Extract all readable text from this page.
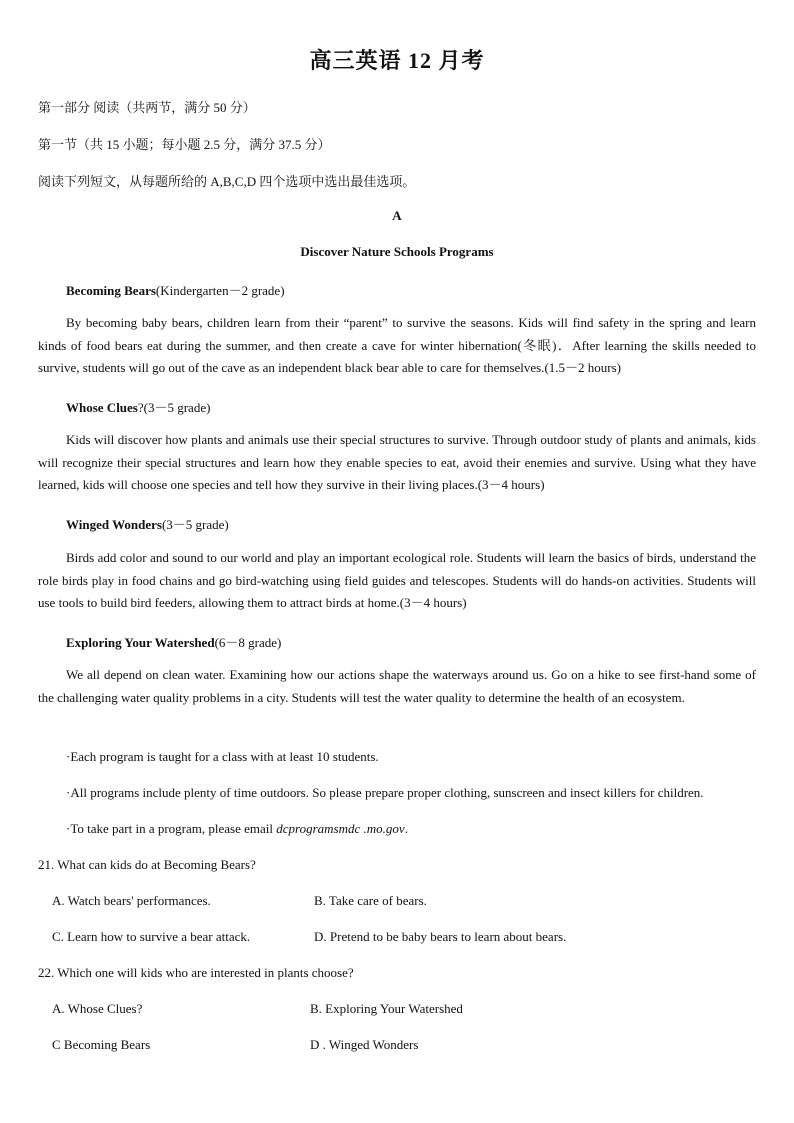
高三英语 12 月考
第一部分 阅读（共两节，满分 50 分）
第一节（共 15 小题；每小题 2.5 分，满分 37.5 分）
阅读下列短文，从每题所给的 A,B,C,D 四个选项中选出最佳选项。
A
Discover Nature Schools Programs
Becoming Bears(Kindergarten－2 grade)
By becoming baby bears, children learn from their “parent” to survive the seasons. Kids will find safety in the spring and learn kinds of food bears eat during the summer, and then create a cave for winter hibernation(冬眠)．After learning the skills needed to survive, students will go out of the cave as an independent black bear able to care for themselves.(1.5－2 hours)
Whose Clues?(3－5 grade)
Kids will discover how plants and animals use their special structures to survive. Through outdoor study of plants and animals, kids will recognize their special structures and learn how they enable species to eat, avoid their enemies and survive. Using what they have learned, kids will choose one species and tell how they survive in their living places.(3－4 hours)
Winged Wonders(3－5 grade)
Birds add color and sound to our world and play an important ecological role. Students will learn the basics of birds, understand the role birds play in food chains and go bird-watching using field guides and telescopes. Students will do hands-on activities. Students will use tools to build bird feeders, allowing them to attract birds at home.(3－4 hours)
Exploring Your Watershed(6－8 grade)
We all depend on clean water. Examining how our actions shape the waterways around us. Go on a hike to see first-hand some of the challenging water quality problems in a city. Students will test the water quality to determine the health of an ecosystem.
·Each program is taught for a class with at least 10 students.
·All programs include plenty of time outdoors. So please prepare proper clothing, sunscreen and insect killers for children.
·To take part in a program, please email dcprogramsmdc .mo.gov.
21. What can kids do at Becoming Bears?
A. Watch bears' performances.	B. Take care of bears.
C. Learn how to survive a bear attack.	D. Pretend to be baby bears to learn about bears.
22. Which one will kids who are interested in plants choose?
A. Whose Clues?	B. Exploring Your Watershed
C Becoming Bears	D . Winged Wonders
